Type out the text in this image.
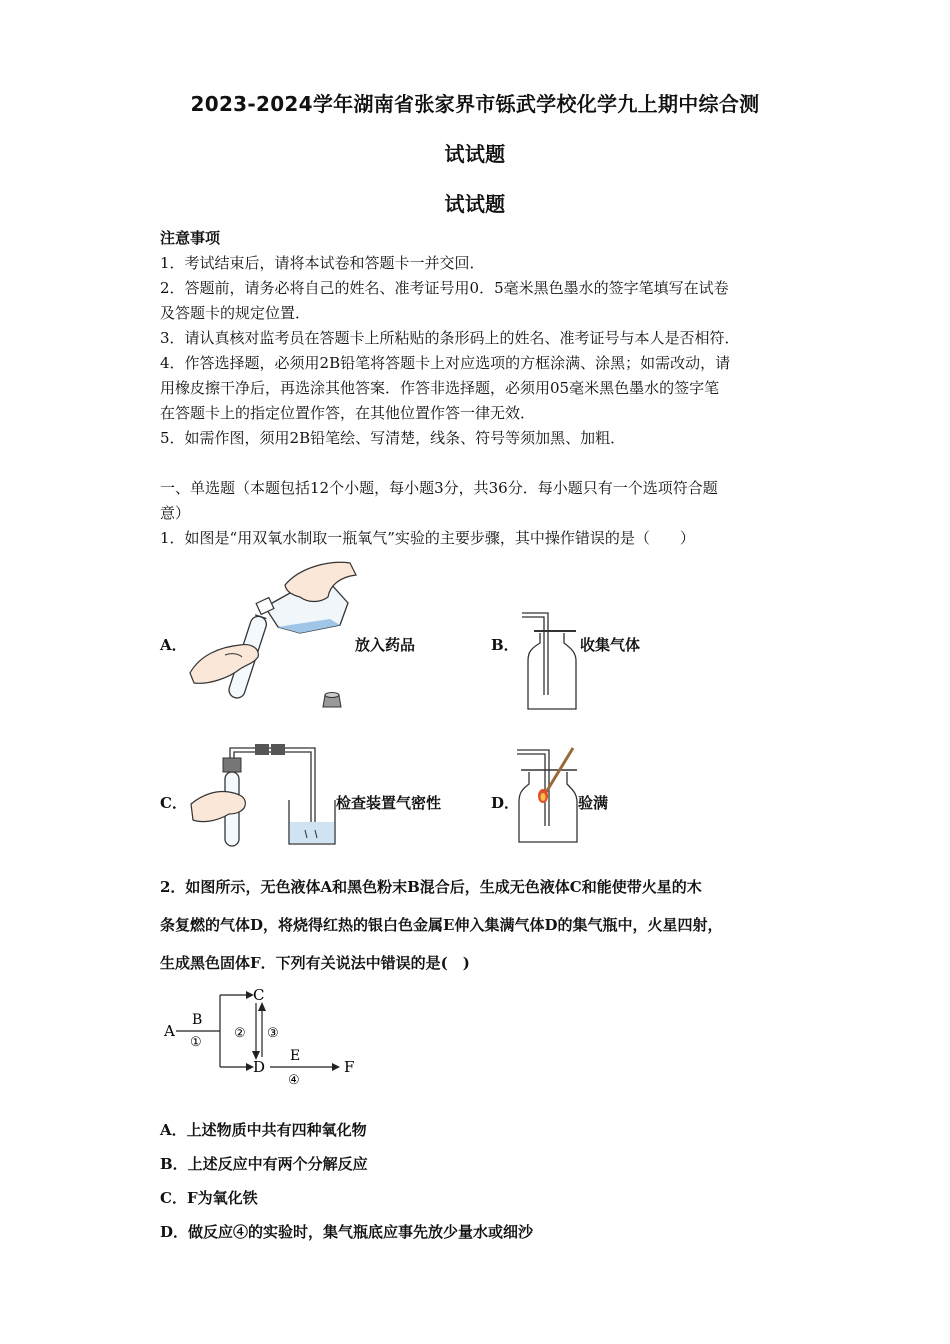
2023-2024学年湖南省张家界市铄武学校化学九上期中综合测
试试题
试试题
注意事项
1．考试结束后，请将本试卷和答题卡一并交回．
2．答题前，请务必将自己的姓名、准考证号用0．5毫米黑色墨水的签字笔填写在试卷
及答题卡的规定位置．
3．请认真核对监考员在答题卡上所粘贴的条形码上的姓名、准考证号与本人是否相符．
4．作答选择题，必须用2B铅笔将答题卡上对应选项的方框涂满、涂黑；如需改动，请
用橡皮擦干净后，再选涂其他答案．作答非选择题，必须用05毫米黑色墨水的签字笔
在答题卡上的指定位置作答，在其他位置作答一律无效．
5．如需作图，须用2B铅笔绘、写清楚，线条、符号等须加黑、加粗．
一、单选题（本题包括12个小题，每小题3分，共36分．每小题只有一个选项符合题
意）
1．如图是“用双氧水制取一瓶氧气”实验的主要步骤，其中操作错误的是（　　）
A．	放入药品	B．	收集气体
C．	检查装置气密性	D．	验满
2．如图所示，无色液体A和黑色粉末B混合后，生成无色液体C和能使带火星的木
条复燃的气体D，将烧得红热的银白色金属E伸入集满气体D的集气瓶中，火星四射，
生成黑色固体F．下列有关说法中错误的是(　)
A
B
①
C
D
② ③
E
④
F
A．上述物质中共有四种氧化物
B．上述反应中有两个分解反应
C．F为氧化铁
D．做反应④的实验时，集气瓶底应事先放少量水或细沙
